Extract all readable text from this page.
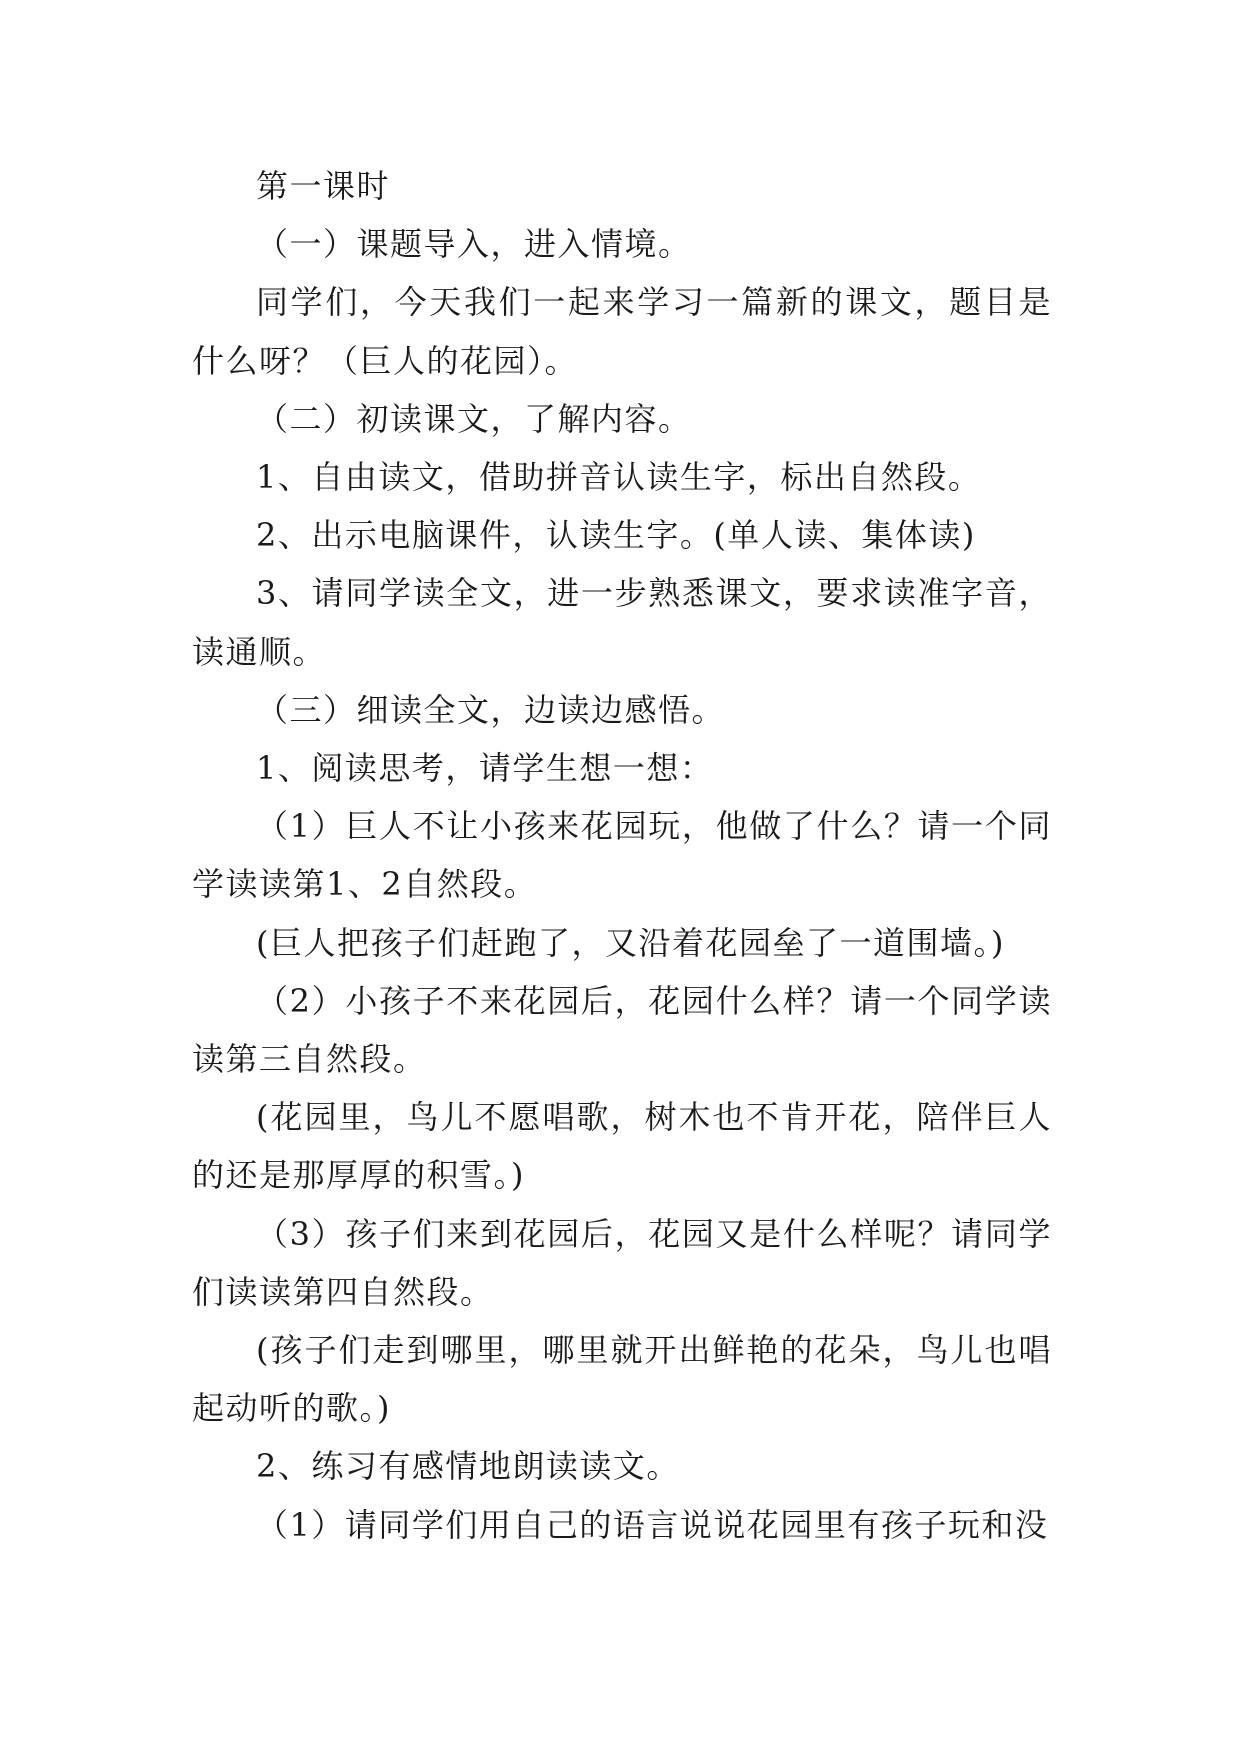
第一课时

（一）课题导入，进入情境。

同学们，今天我们一起来学习一篇新的课文，题目是什么呀？（巨人的花园）。

（二）初读课文，了解内容。

1、自由读文，借助拼音认读生字，标出自然段。

2、出示电脑课件，认读生字。(单人读、集体读)

3、请同学读全文，进一步熟悉课文，要求读准字音，读通顺。

（三）细读全文，边读边感悟。

1、阅读思考，请学生想一想：

（1）巨人不让小孩来花园玩，他做了什么？请一个同学读读第1、2自然段。

(巨人把孩子们赶跑了，又沿着花园垒了一道围墙。)

（2）小孩子不来花园后，花园什么样？请一个同学读读第三自然段。

(花园里，鸟儿不愿唱歌，树木也不肯开花，陪伴巨人的还是那厚厚的积雪。)

（3）孩子们来到花园后，花园又是什么样呢？请同学们读读第四自然段。

(孩子们走到哪里，哪里就开出鲜艳的花朵，鸟儿也唱起动听的歌。)

2、练习有感情地朗读读文。

（1）请同学们用自己的语言说说花园里有孩子玩和没
